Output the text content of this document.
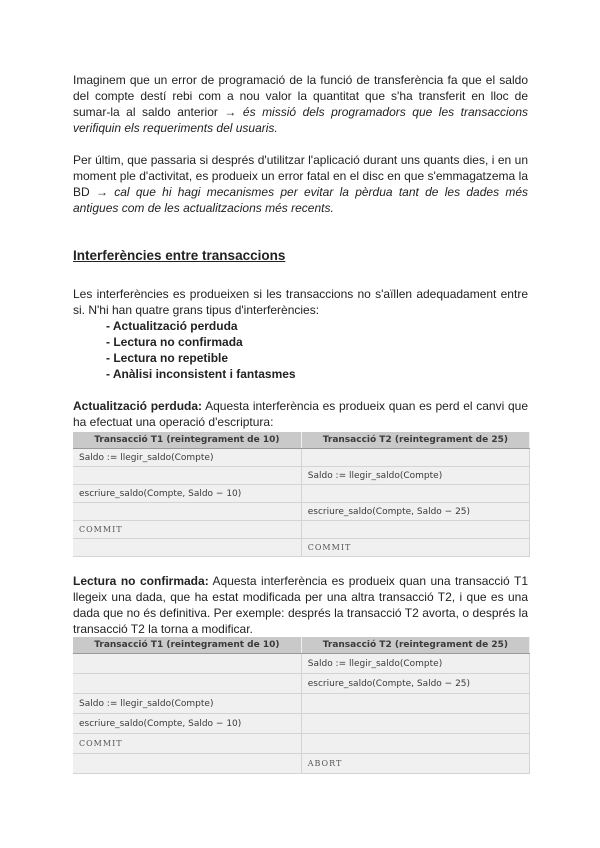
Imaginem que un error de programació de la funció de transferència fa que el saldo del compte destí rebi com a nou valor la quantitat que s'ha transferit en lloc de sumar-la al saldo anterior → és missió dels programadors que les transaccions verifiquin els requeriments del usuaris.

Per últim, que passaria si després d'utilitzar l'aplicació durant uns quants dies, i en un moment ple d'activitat, es produeix un error fatal en el disc en que s'emmagatzema la BD → cal que hi hagi mecanismes per evitar la pèrdua tant de les dades més antigues com de les actualitzacions més recents.

Interferències entre transaccions

Les interferències es produeixen si les transaccions no s'aïllen adequadament entre si. N'hi han quatre grans tipus d'interferències:

- Actualització perduda
- Lectura no confirmada
- Lectura no repetible
- Anàlisi inconsistent i fantasmes

Actualització perduda: Aquesta interferència es produeix quan es perd el canvi que ha efectuat una operació d'escriptura:

Transacció T1 (reintegrament de 10)	Transacció T2 (reintegrament de 25)
Saldo := llegir_saldo(Compte)	
	Saldo := llegir_saldo(Compte)
escriure_saldo(Compte, Saldo − 10)	
	escriure_saldo(Compte, Saldo − 25)
COMMIT	
	COMMIT

Lectura no confirmada: Aquesta interferència es produeix quan una transacció T1 llegeix una dada, que ha estat modificada per una altra transacció T2, i que es una dada que no és definitiva. Per exemple: després la transacció T2 avorta, o després la transacció T2 la torna a modificar.

Transacció T1 (reintegrament de 10)	Transacció T2 (reintegrament de 25)
	Saldo := llegir_saldo(Compte)
	escriure_saldo(Compte, Saldo − 25)
Saldo := llegir_saldo(Compte)	
escriure_saldo(Compte, Saldo − 10)	
COMMIT	
	ABORT
